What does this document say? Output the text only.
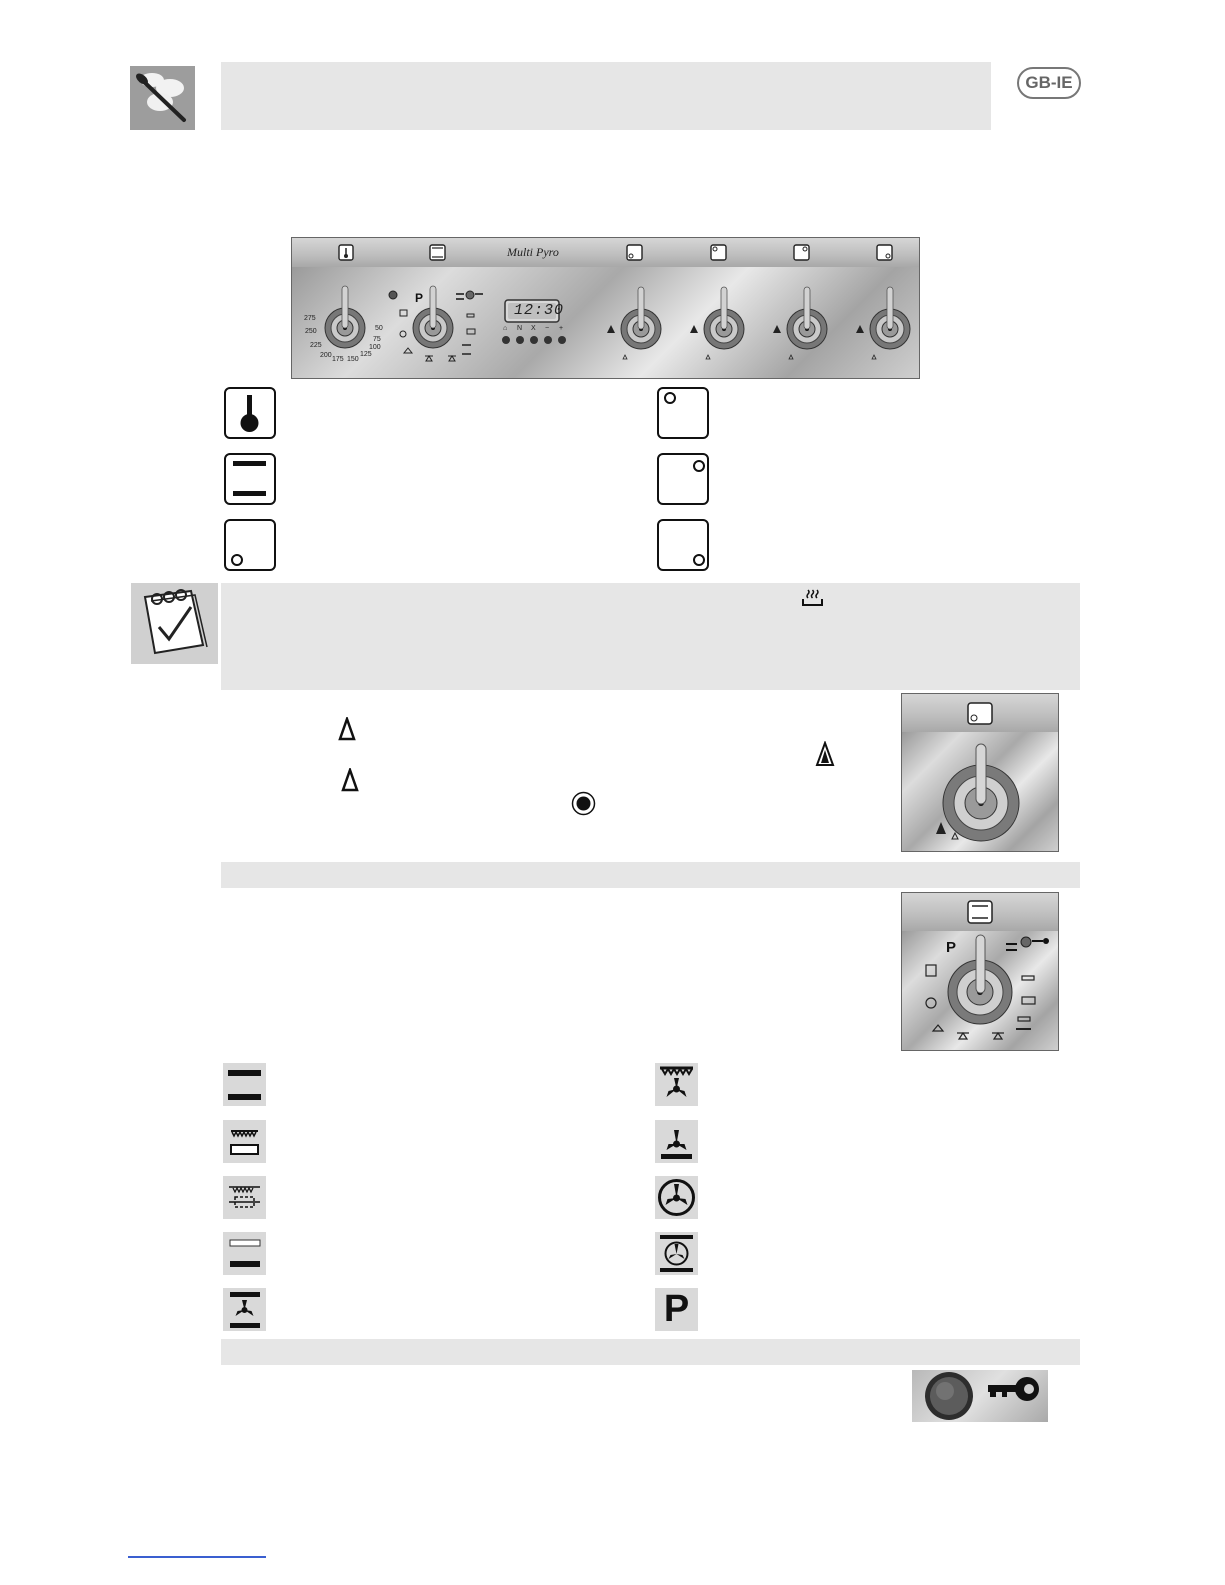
GB-IE
Multi Pyro
12:30
P
50
75
100
125
150
175
200
225
250
275
⌂ N X − +
P
P
